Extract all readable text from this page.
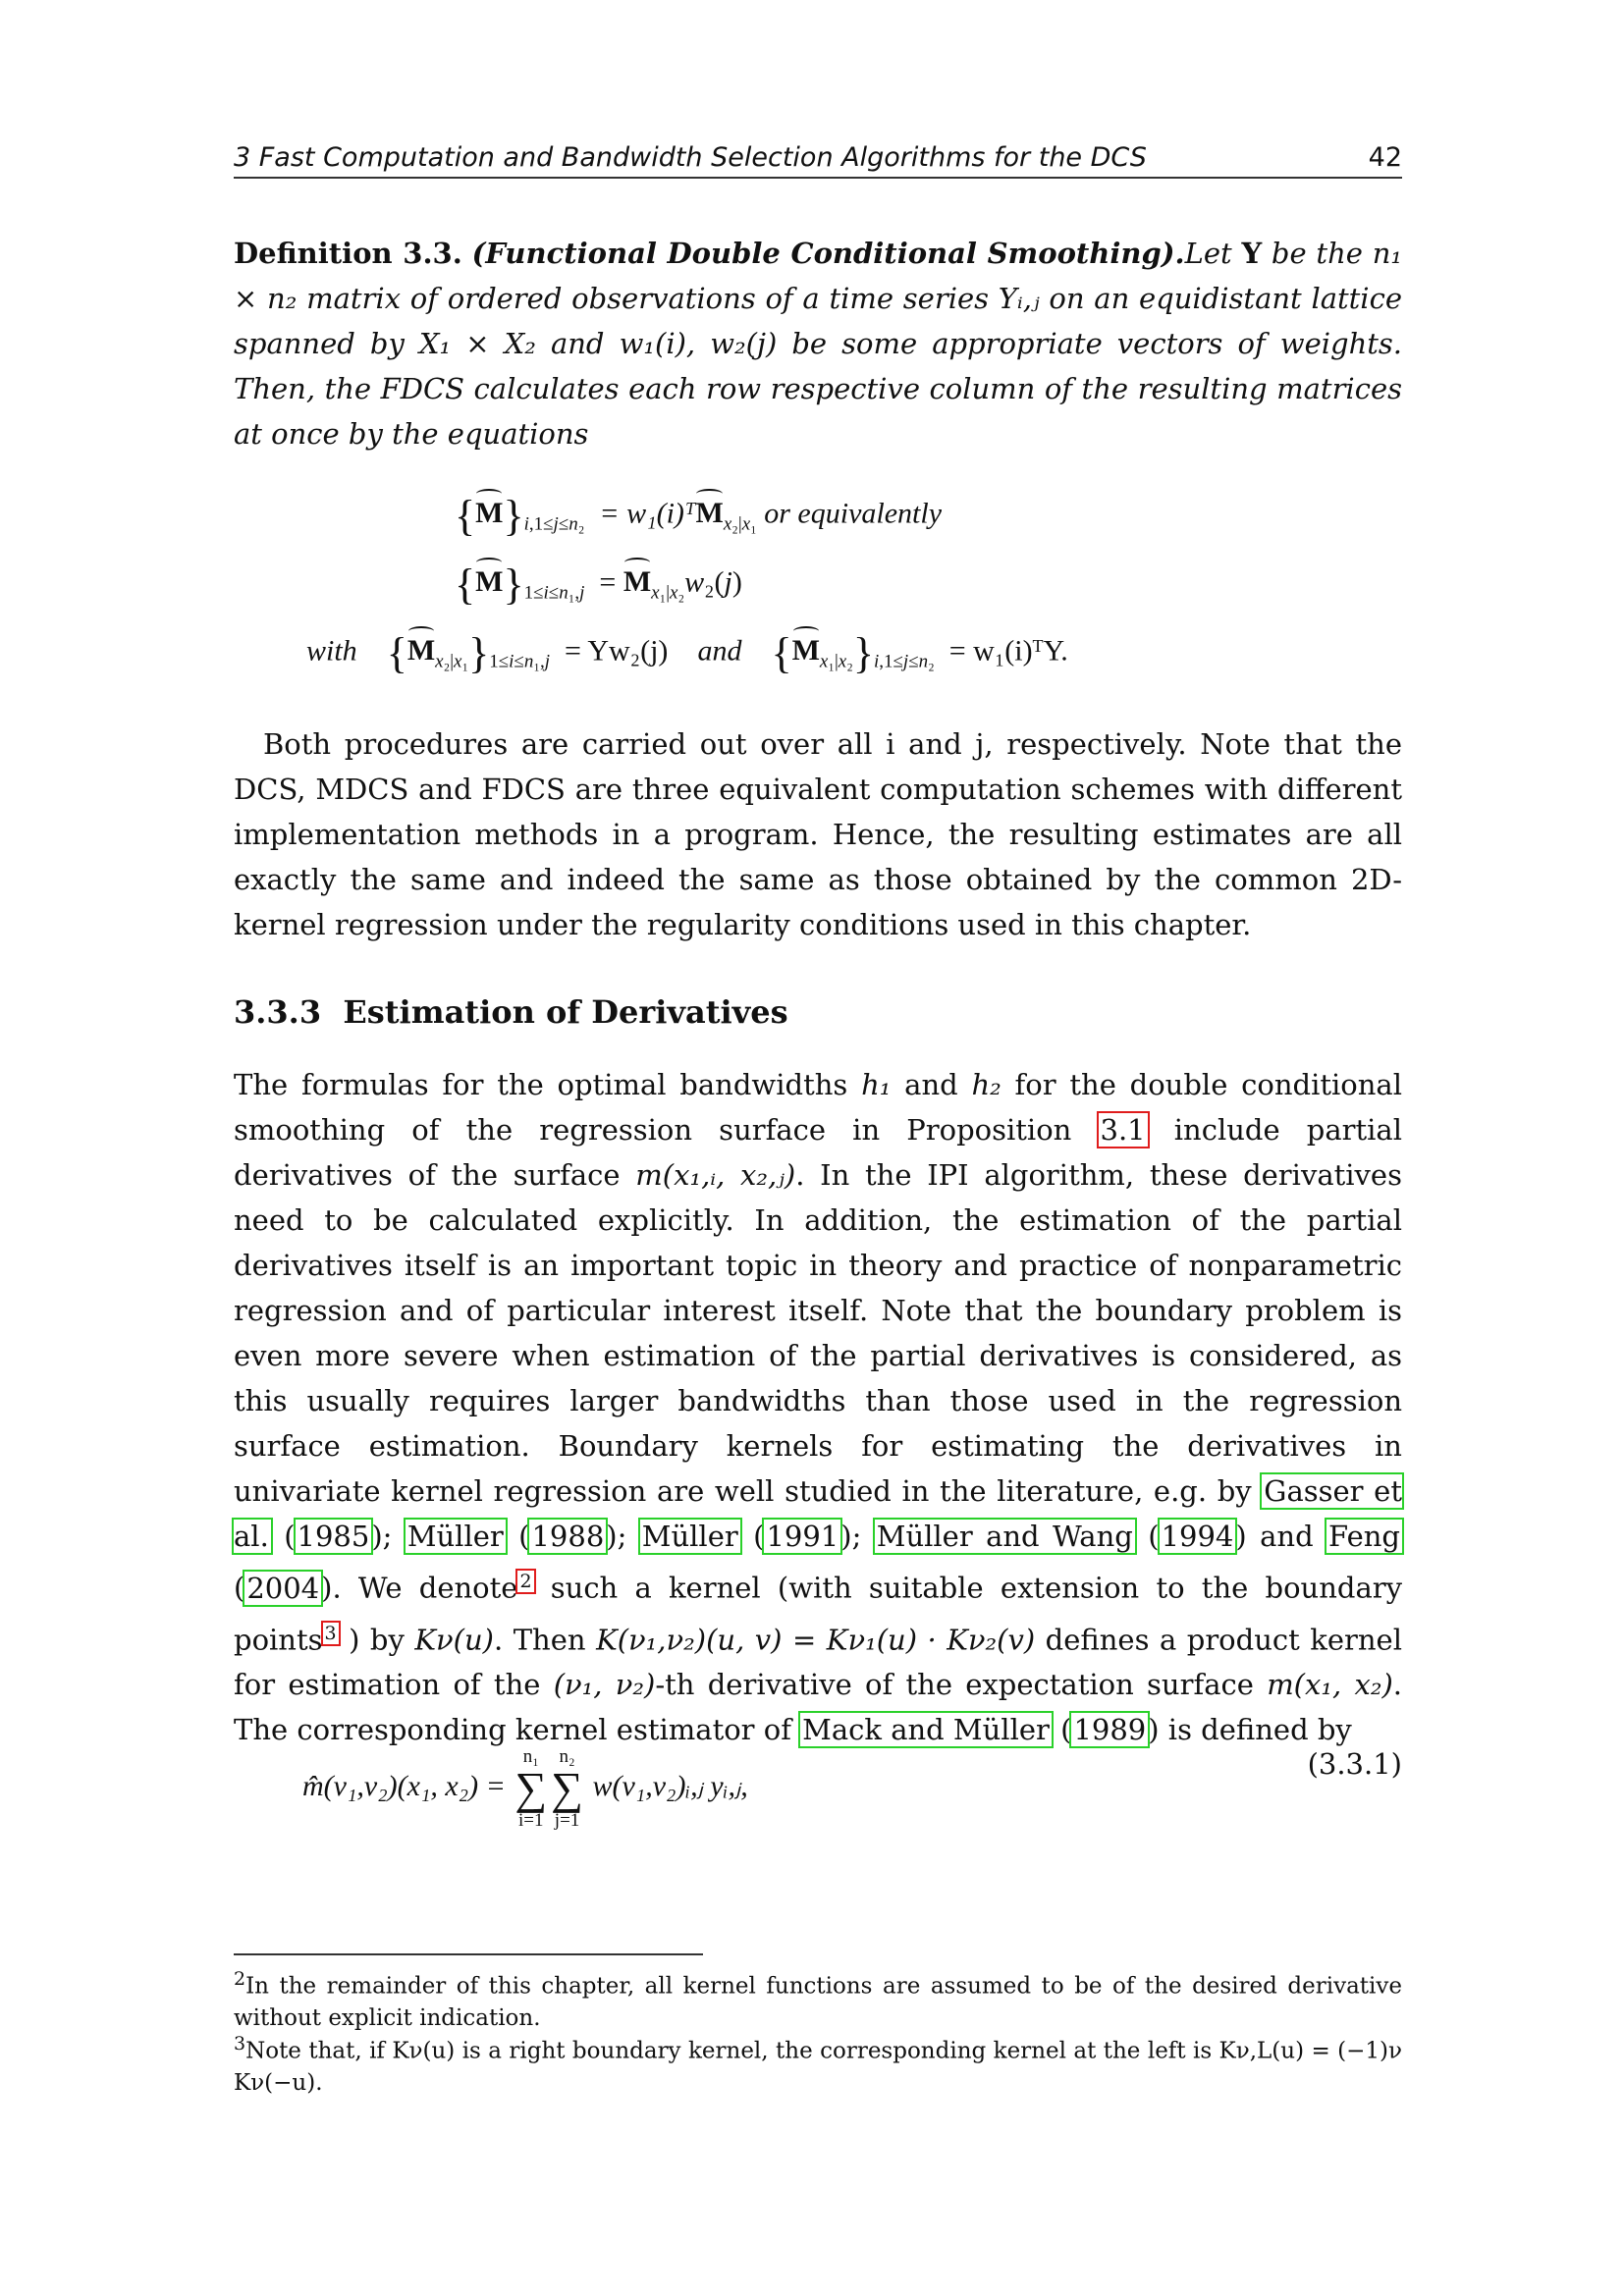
3 Fast Computation and Bandwidth Selection Algorithms for the DCS	42

Definition 3.3. (Functional Double Conditional Smoothing).Let Y be the n₁ × n₂ matrix of ordered observations of a time series Yᵢ,ⱼ on an equidistant lattice spanned by X₁ × X₂ and w₁(i), w₂(j) be some appropriate vectors of weights. Then, the FDCS calculates each row respective column of the resulting matrices at once by the equations

$\{M\}_{i,1\le j\le n_2}$ = w₁(i)ᵀM$_{x_2|x_1}$ or equivalently
$\{M\}_{1\le i\le n_1,j} = M_{x_1|x_2}w_2(j)$
with $\{M_{x_2|x_1}\}_{1\le i\le n_1,j} = Yw_2(j)$ and $\{M_{x_1|x_2}\}_{i,1\le j\le n_2}$ = w₁(i)ᵀY.

Both procedures are carried out over all i and j, respectively. Note that the DCS, MDCS and FDCS are three equivalent computation schemes with different implementation methods in a program. Hence, the resulting estimates are all exactly the same and indeed the same as those obtained by the common 2D-kernel regression under the regularity conditions used in this chapter.

3.3.3 Estimation of Derivatives

The formulas for the optimal bandwidths h₁ and h₂ for the double conditional smoothing of the regression surface in Proposition 3.1 include partial derivatives of the surface m(x₁,ᵢ, x₂,ⱼ). In the IPI algorithm, these derivatives need to be calculated explicitly. In addition, the estimation of the partial derivatives itself is an important topic in theory and practice of nonparametric regression and of particular interest itself. Note that the boundary problem is even more severe when estimation of the partial derivatives is considered, as this usually requires larger bandwidths than those used in the regression surface estimation. Boundary kernels for estimating the derivatives in univariate kernel regression are well studied in the literature, e.g. by Gasser et al. (1985); Müller (1988); Müller (1991); Müller and Wang (1994) and Feng (2004). We denote $^2$ such a kernel (with suitable extension to the boundary points $^3$ ) by Kν(u). Then K(ν₁,ν₂)(u, v) = Kν₁(u) · Kν₂(v) defines a product kernel for estimation of the (ν₁, ν₂)-th derivative of the expectation surface m(x₁, x₂). The corresponding kernel estimator of Mack and Müller (1989) is defined by

m̂(ν₁,ν₂)(x₁, x₂) =
n₁
∑
i=1
n₂
∑
j=1
w(ν₁,ν₂)ᵢ,ⱼ yᵢ,ⱼ,
(3.3.1)

$^2$In the remainder of this chapter, all kernel functions are assumed to be of the desired derivative without explicit indication.

$^3$Note that, if Kν(u) is a right boundary kernel, the corresponding kernel at the left is Kν,L(u) = (−1)ν Kν(−u).
